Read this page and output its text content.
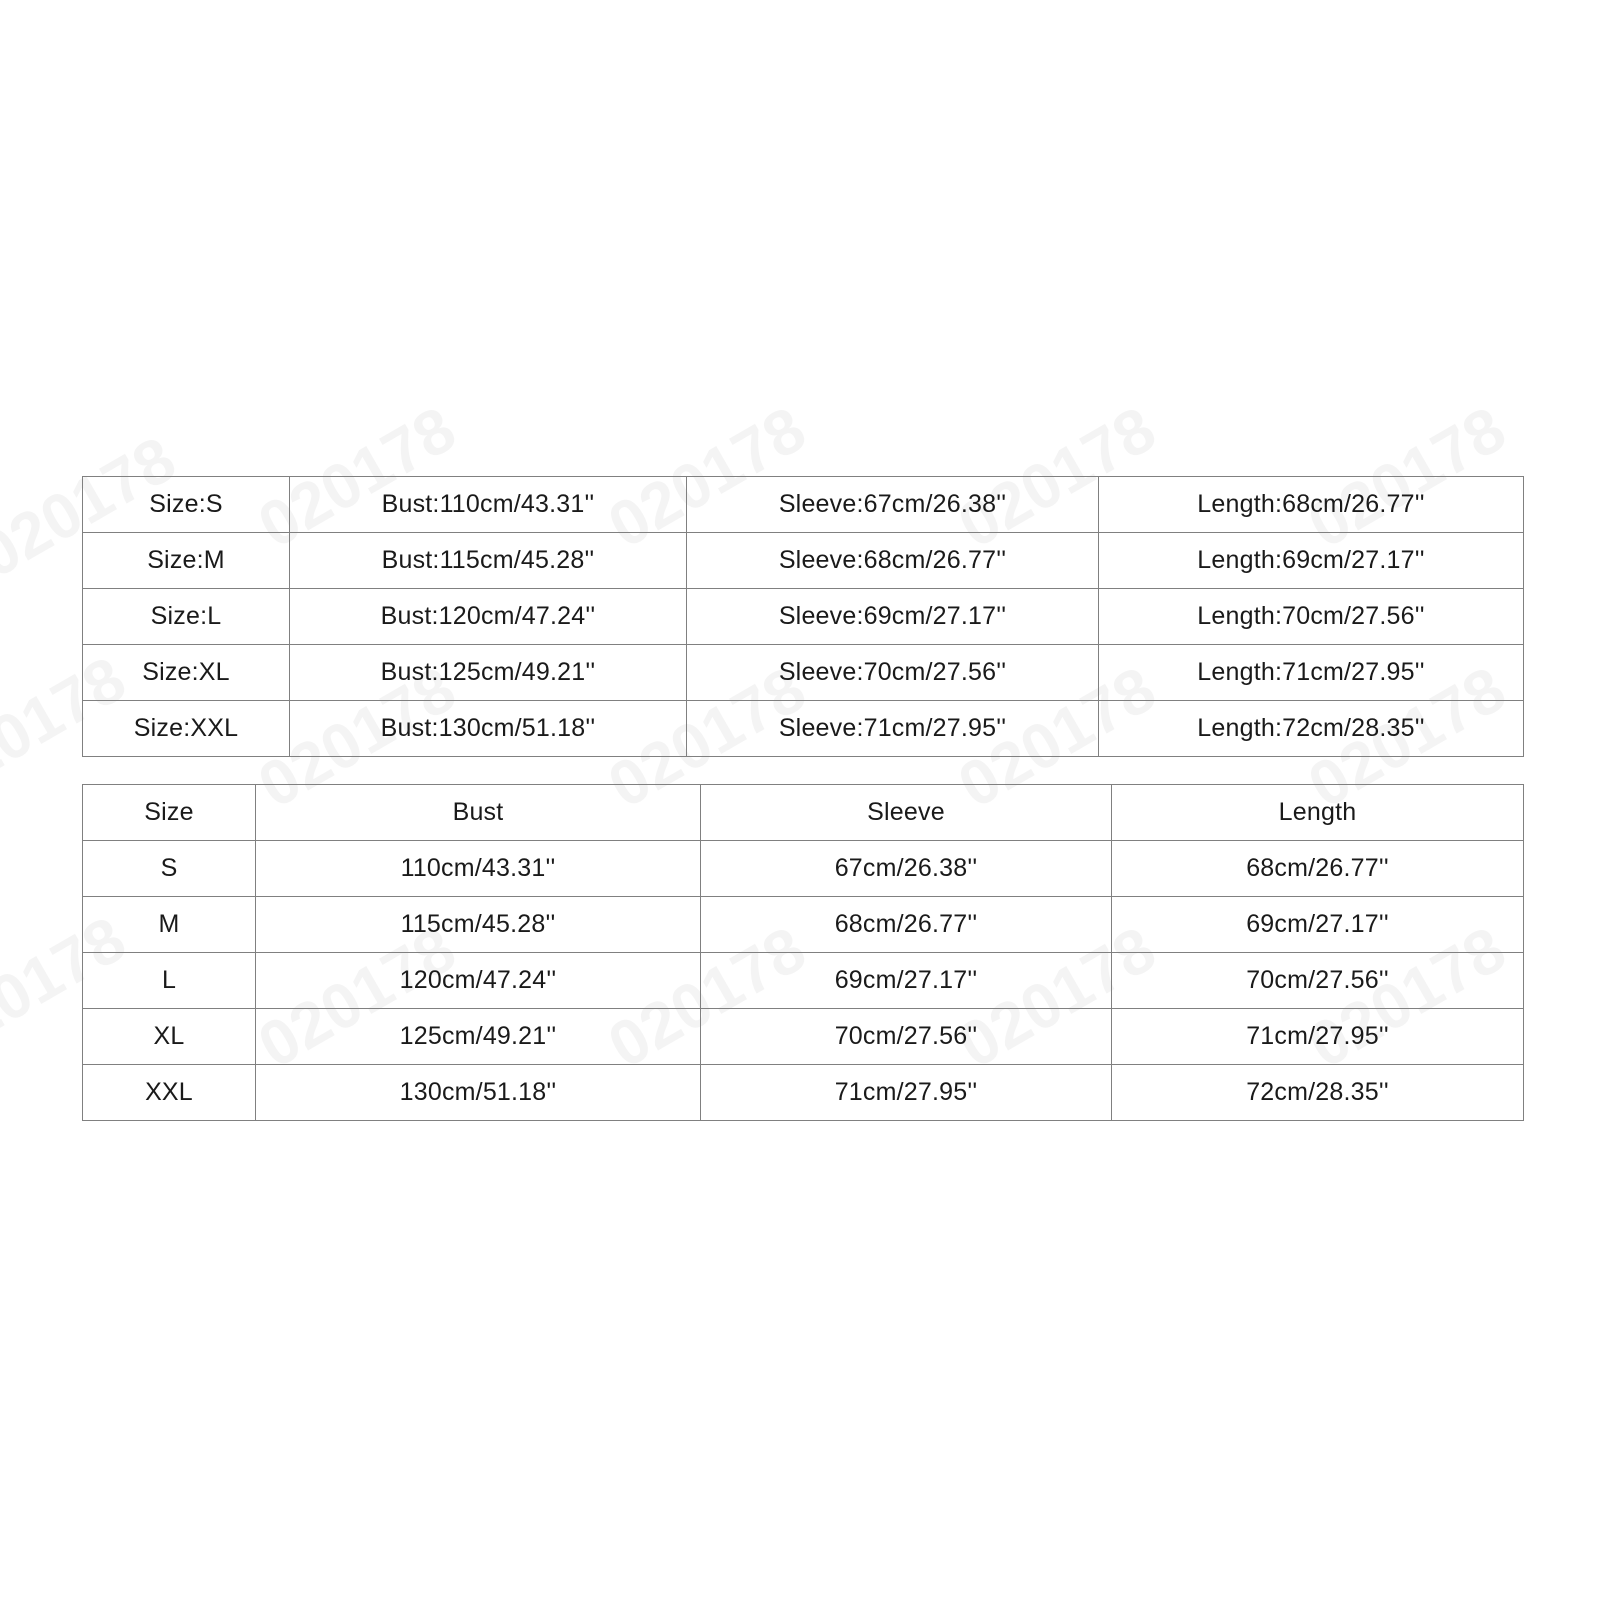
Size:S	Bust:110cm/43.31''	Sleeve:67cm/26.38''	Length:68cm/26.77''
Size:M	Bust:115cm/45.28''	Sleeve:68cm/26.77''	Length:69cm/27.17''
Size:L	Bust:120cm/47.24''	Sleeve:69cm/27.17''	Length:70cm/27.56''
Size:XL	Bust:125cm/49.21''	Sleeve:70cm/27.56''	Length:71cm/27.95''
Size:XXL	Bust:130cm/51.18''	Sleeve:71cm/27.95''	Length:72cm/28.35''
Size	Bust	Sleeve	Length
S	110cm/43.31''	67cm/26.38''	68cm/26.77''
M	115cm/45.28''	68cm/26.77''	69cm/27.17''
L	120cm/47.24''	69cm/27.17''	70cm/27.56''
XL	125cm/49.21''	70cm/27.56''	71cm/27.95''
XXL	130cm/51.18''	71cm/27.95''	72cm/28.35''
